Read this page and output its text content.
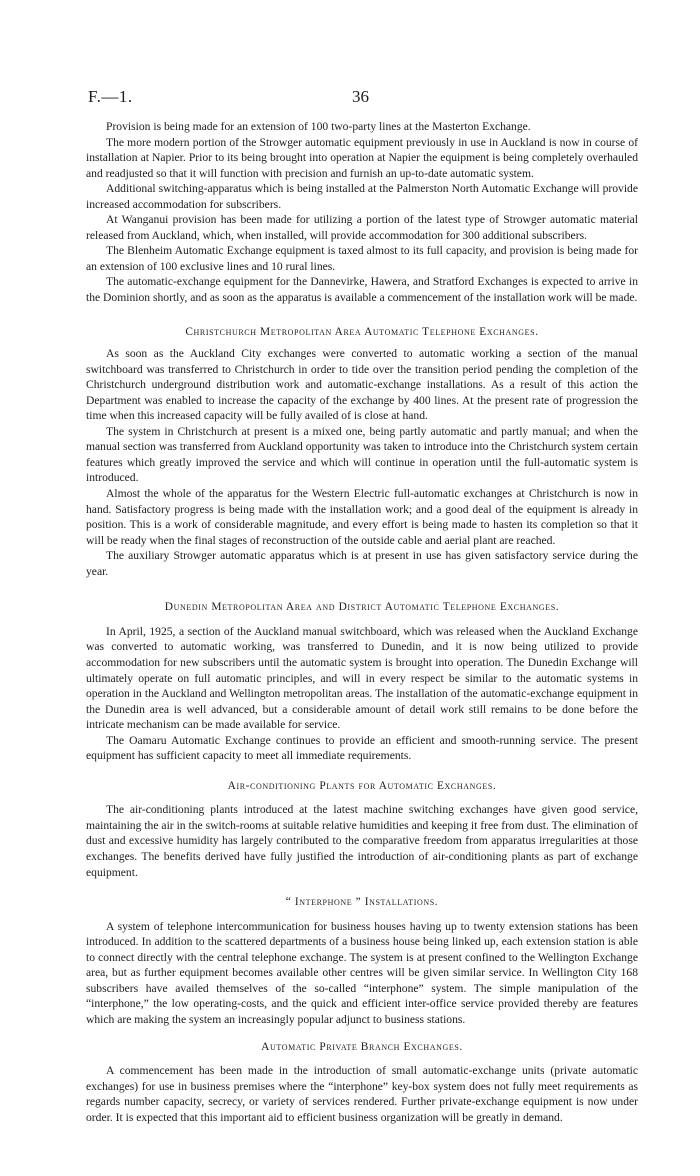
F.—1.	36

Provision is being made for an extension of 100 two-party lines at the Masterton Exchange.

The more modern portion of the Strowger automatic equipment previously in use in Auckland is now in course of installation at Napier. Prior to its being brought into operation at Napier the equipment is being completely overhauled and readjusted so that it will function with precision and furnish an up-to-date automatic system.

Additional switching-apparatus which is being installed at the Palmerston North Automatic Exchange will provide increased accommodation for subscribers.

At Wanganui provision has been made for utilizing a portion of the latest type of Strowger automatic material released from Auckland, which, when installed, will provide accommodation for 300 additional subscribers.

The Blenheim Automatic Exchange equipment is taxed almost to its full capacity, and provision is being made for an extension of 100 exclusive lines and 10 rural lines.

The automatic-exchange equipment for the Dannevirke, Hawera, and Stratford Exchanges is expected to arrive in the Dominion shortly, and as soon as the apparatus is available a commencement of the installation work will be made.

Christchurch Metropolitan Area Automatic Telephone Exchanges.

As soon as the Auckland City exchanges were converted to automatic working a section of the manual switchboard was transferred to Christchurch in order to tide over the transition period pending the completion of the Christchurch underground distribution work and automatic-exchange installations. As a result of this action the Department was enabled to increase the capacity of the exchange by 400 lines. At the present rate of progression the time when this increased capacity will be fully availed of is close at hand.

The system in Christchurch at present is a mixed one, being partly automatic and partly manual; and when the manual section was transferred from Auckland opportunity was taken to introduce into the Christchurch system certain features which greatly improved the service and which will continue in operation until the full-automatic system is introduced.

Almost the whole of the apparatus for the Western Electric full-automatic exchanges at Christchurch is now in hand. Satisfactory progress is being made with the installation work; and a good deal of the equipment is already in position. This is a work of considerable magnitude, and every effort is being made to hasten its completion so that it will be ready when the final stages of reconstruction of the outside cable and aerial plant are reached.

The auxiliary Strowger automatic apparatus which is at present in use has given satisfactory service during the year.

Dunedin Metropolitan Area and District Automatic Telephone Exchanges.

In April, 1925, a section of the Auckland manual switchboard, which was released when the Auckland Exchange was converted to automatic working, was transferred to Dunedin, and it is now being utilized to provide accommodation for new subscribers until the automatic system is brought into operation. The Dunedin Exchange will ultimately operate on full automatic principles, and will in every respect be similar to the automatic systems in operation in the Auckland and Wellington metropolitan areas. The installation of the automatic-exchange equipment in the Dunedin area is well advanced, but a considerable amount of detail work still remains to be done before the intricate mechanism can be made available for service.

The Oamaru Automatic Exchange continues to provide an efficient and smooth-running service. The present equipment has sufficient capacity to meet all immediate requirements.

Air-conditioning Plants for Automatic Exchanges.

The air-conditioning plants introduced at the latest machine switching exchanges have given good service, maintaining the air in the switch-rooms at suitable relative humidities and keeping it free from dust. The elimination of dust and excessive humidity has largely contributed to the comparative freedom from apparatus irregularities at those exchanges. The benefits derived have fully justified the introduction of air-conditioning plants as part of exchange equipment.

“ Interphone ” Installations.

A system of telephone intercommunication for business houses having up to twenty extension stations has been introduced. In addition to the scattered departments of a business house being linked up, each extension station is able to connect directly with the central telephone exchange. The system is at present confined to the Wellington Exchange area, but as further equipment becomes available other centres will be given similar service. In Wellington City 168 subscribers have availed themselves of the so-called “interphone” system. The simple manipulation of the “interphone,” the low operating-costs, and the quick and efficient inter-office service provided thereby are features which are making the system an increasingly popular adjunct to business stations.

Automatic Private Branch Exchanges.

A commencement has been made in the introduction of small automatic-exchange units (private automatic exchanges) for use in business premises where the “interphone” key-box system does not fully meet requirements as regards number capacity, secrecy, or variety of services rendered. Further private-exchange equipment is now under order. It is expected that this important aid to efficient business organization will be greatly in demand.
